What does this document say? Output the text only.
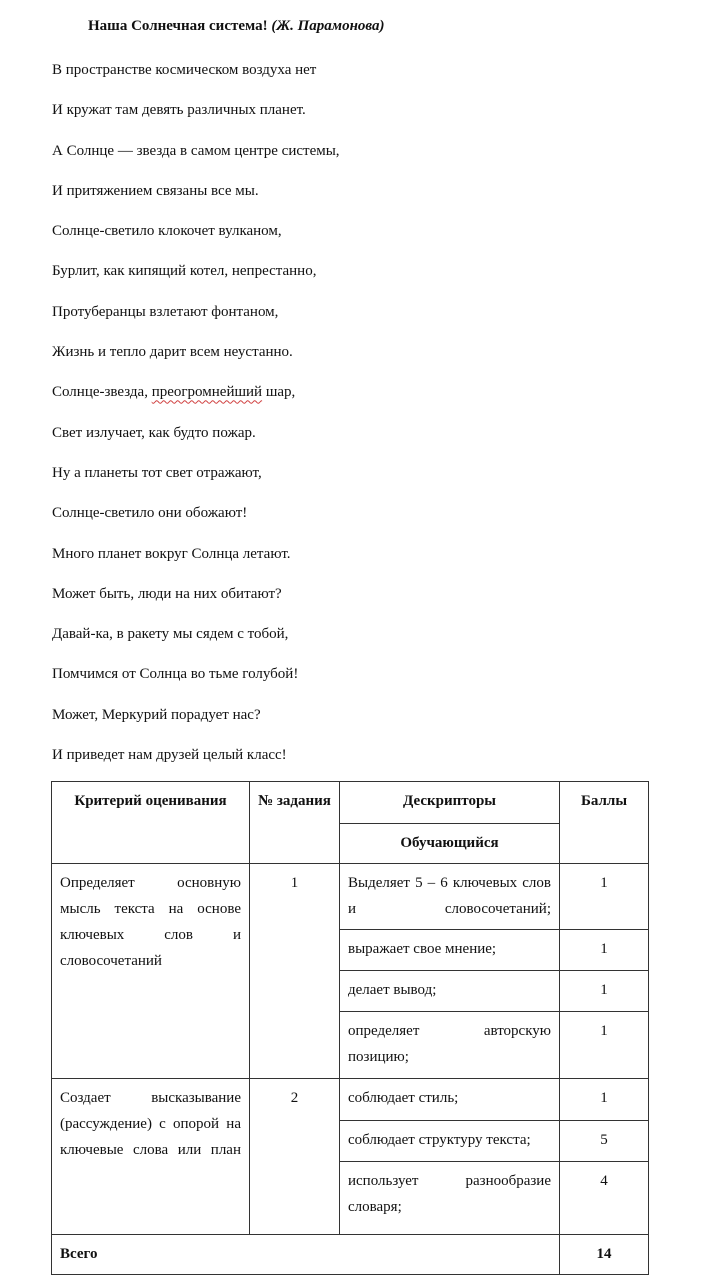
Наша Солнечная система! (Ж. Парамонова)
В пространстве космическом воздуха нет
И кружат там девять различных планет.
А Солнце — звезда в самом центре системы,
И притяжением связаны все мы.
Солнце-светило клокочет вулканом,
Бурлит, как кипящий котел, непрестанно,
Протуберанцы взлетают фонтаном,
Жизнь и тепло дарит всем неустанно.
Солнце-звезда, преогромнейший шар,
Свет излучает, как будто пожар.
Ну а планеты тот свет отражают,
Солнце-светило они обожают!
Много планет вокруг Солнца летают.
Может быть, люди на них обитают?
Давай-ка, в ракету мы сядем с тобой,
Помчимся от Солнца во тьме голубой!
Может, Меркурий порадует нас?
И приведет нам друзей целый класс!
Критерий оценивания	№ задания	Дескрипторы	Баллы
		Обучающийся	
Определяет основную мысль текста на основе ключевых слов и словосочетаний	1	Выделяет 5 – 6 ключевых слов и словосочетаний;	1
		выражает свое мнение;	1
		делает вывод;	1
		определяет авторскую позицию;	1
Создает высказывание (рассуждение) с опорой на ключевые слова или план	2	соблюдает стиль;	1
		соблюдает структуру текста;	5
		использует разнообразие словаря;	4
Всего			14
